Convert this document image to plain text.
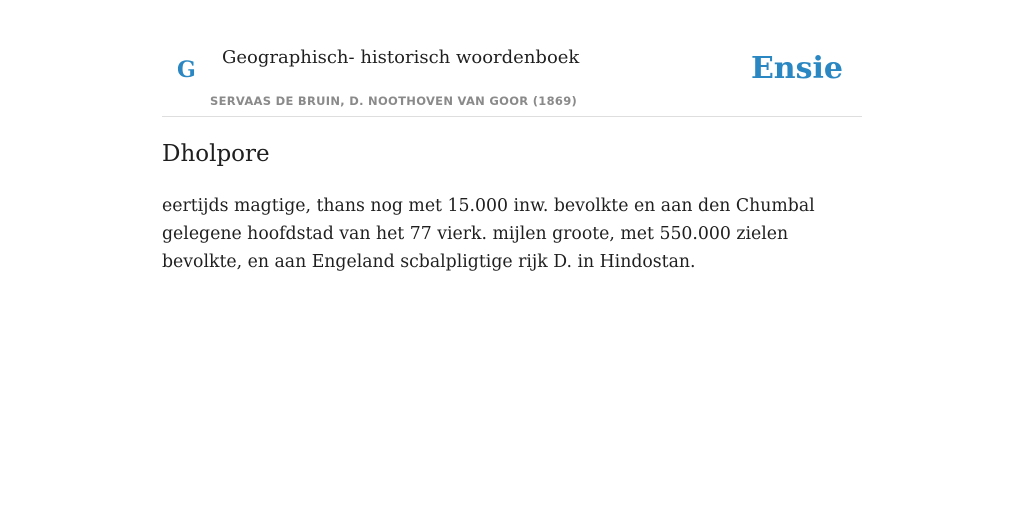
G Geographisch- historisch woordenboek
SERVAAS DE BRUIN, D. NOOTHOVEN VAN GOOR (1869)
Ensie
Dholpore

eertijds magtige, thans nog met 15.000 inw. bevolkte en aan den Chumbal gelegene hoofdstad van het 77 vierk. mijlen groote, met 550.000 zielen bevolkte, en aan Engeland scbalpligtige rijk D. in Hindostan.
